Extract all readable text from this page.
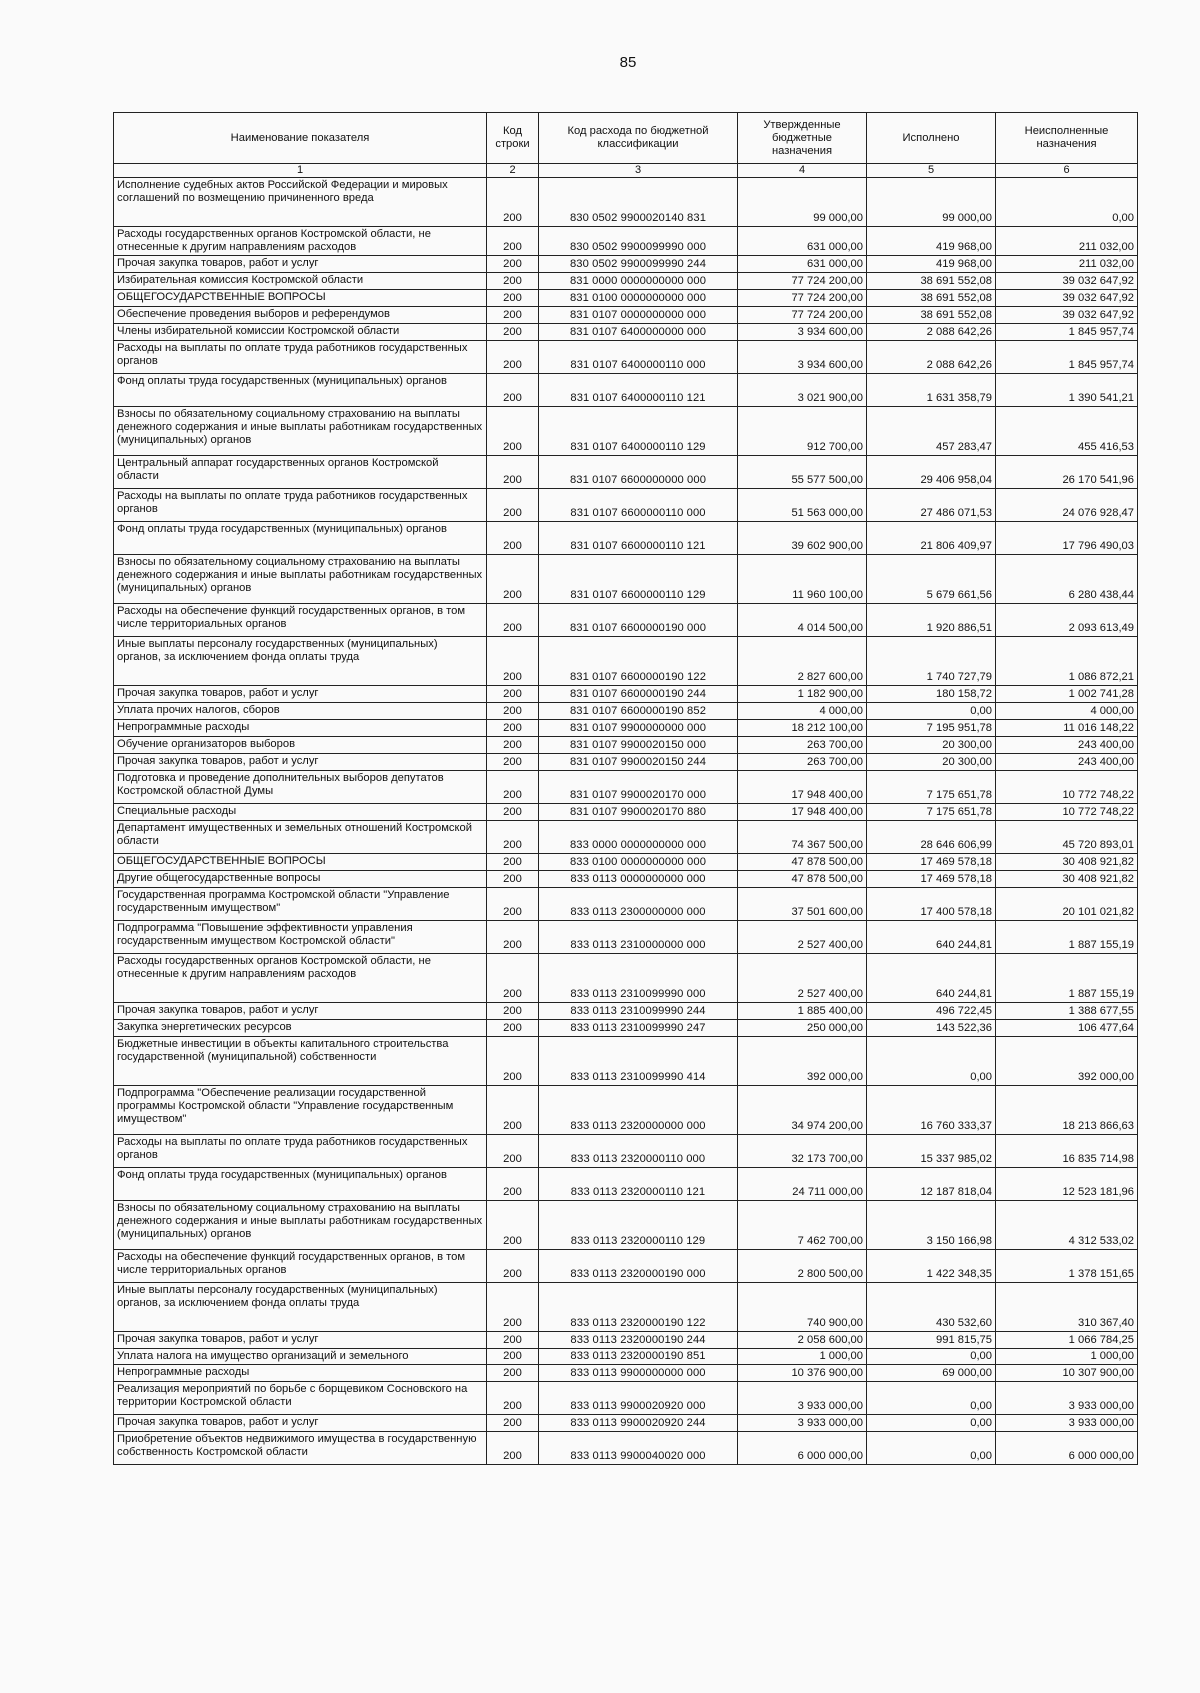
85
Наименование показателя	Код строки	Код расхода по бюджетной классификации	Утвержденные бюджетные назначения	Исполнено	Неисполненные назначения
1	2	3	4	5	6
Исполнение судебных актов Российской Федерации и мировых соглашений по возмещению причиненного вреда	200	830 0502 9900020140 831	99 000,00	99 000,00	0,00
Расходы государственных органов Костромской области, не отнесенные к другим направлениям расходов	200	830 0502 9900099990 000	631 000,00	419 968,00	211 032,00
Прочая закупка товаров, работ и услуг	200	830 0502 9900099990 244	631 000,00	419 968,00	211 032,00
Избирательная комиссия Костромской области	200	831 0000 0000000000 000	77 724 200,00	38 691 552,08	39 032 647,92
ОБЩЕГОСУДАРСТВЕННЫЕ ВОПРОСЫ	200	831 0100 0000000000 000	77 724 200,00	38 691 552,08	39 032 647,92
Обеспечение проведения выборов и референдумов	200	831 0107 0000000000 000	77 724 200,00	38 691 552,08	39 032 647,92
Члены избирательной комиссии Костромской области	200	831 0107 6400000000 000	3 934 600,00	2 088 642,26	1 845 957,74
Расходы на выплаты по оплате труда работников государственных органов	200	831 0107 6400000110 000	3 934 600,00	2 088 642,26	1 845 957,74
Фонд оплаты труда государственных (муниципальных) органов	200	831 0107 6400000110 121	3 021 900,00	1 631 358,79	1 390 541,21
Взносы по обязательному социальному страхованию на выплаты денежного содержания и иные выплаты работникам государственных (муниципальных) органов	200	831 0107 6400000110 129	912 700,00	457 283,47	455 416,53
Центральный аппарат государственных органов Костромской области	200	831 0107 6600000000 000	55 577 500,00	29 406 958,04	26 170 541,96
Расходы на выплаты по оплате труда работников государственных органов	200	831 0107 6600000110 000	51 563 000,00	27 486 071,53	24 076 928,47
Фонд оплаты труда государственных (муниципальных) органов	200	831 0107 6600000110 121	39 602 900,00	21 806 409,97	17 796 490,03
Взносы по обязательному социальному страхованию на выплаты денежного содержания и иные выплаты работникам государственных (муниципальных) органов	200	831 0107 6600000110 129	11 960 100,00	5 679 661,56	6 280 438,44
Расходы на обеспечение функций государственных органов, в том числе территориальных органов	200	831 0107 6600000190 000	4 014 500,00	1 920 886,51	2 093 613,49
Иные выплаты персоналу государственных (муниципальных) органов, за исключением фонда оплаты труда	200	831 0107 6600000190 122	2 827 600,00	1 740 727,79	1 086 872,21
Прочая закупка товаров, работ и услуг	200	831 0107 6600000190 244	1 182 900,00	180 158,72	1 002 741,28
Уплата прочих налогов, сборов	200	831 0107 6600000190 852	4 000,00	0,00	4 000,00
Непрограммные расходы	200	831 0107 9900000000 000	18 212 100,00	7 195 951,78	11 016 148,22
Обучение организаторов выборов	200	831 0107 9900020150 000	263 700,00	20 300,00	243 400,00
Прочая закупка товаров, работ и услуг	200	831 0107 9900020150 244	263 700,00	20 300,00	243 400,00
Подготовка и проведение дополнительных выборов депутатов Костромской областной Думы	200	831 0107 9900020170 000	17 948 400,00	7 175 651,78	10 772 748,22
Специальные расходы	200	831 0107 9900020170 880	17 948 400,00	7 175 651,78	10 772 748,22
Департамент имущественных и земельных отношений Костромской области	200	833 0000 0000000000 000	74 367 500,00	28 646 606,99	45 720 893,01
ОБЩЕГОСУДАРСТВЕННЫЕ ВОПРОСЫ	200	833 0100 0000000000 000	47 878 500,00	17 469 578,18	30 408 921,82
Другие общегосударственные вопросы	200	833 0113 0000000000 000	47 878 500,00	17 469 578,18	30 408 921,82
Государственная программа Костромской области "Управление государственным имуществом"	200	833 0113 2300000000 000	37 501 600,00	17 400 578,18	20 101 021,82
Подпрограмма "Повышение эффективности управления государственным имуществом Костромской области"	200	833 0113 2310000000 000	2 527 400,00	640 244,81	1 887 155,19
Расходы государственных органов Костромской области, не отнесенные к другим направлениям расходов	200	833 0113 2310099990 000	2 527 400,00	640 244,81	1 887 155,19
Прочая закупка товаров, работ и услуг	200	833 0113 2310099990 244	1 885 400,00	496 722,45	1 388 677,55
Закупка энергетических ресурсов	200	833 0113 2310099990 247	250 000,00	143 522,36	106 477,64
Бюджетные инвестиции в объекты капитального строительства государственной (муниципальной) собственности	200	833 0113 2310099990 414	392 000,00	0,00	392 000,00
Подпрограмма "Обеспечение реализации государственной программы Костромской области "Управление государственным имуществом"	200	833 0113 2320000000 000	34 974 200,00	16 760 333,37	18 213 866,63
Расходы на выплаты по оплате труда работников государственных органов	200	833 0113 2320000110 000	32 173 700,00	15 337 985,02	16 835 714,98
Фонд оплаты труда государственных (муниципальных) органов	200	833 0113 2320000110 121	24 711 000,00	12 187 818,04	12 523 181,96
Взносы по обязательному социальному страхованию на выплаты денежного содержания и иные выплаты работникам государственных (муниципальных) органов	200	833 0113 2320000110 129	7 462 700,00	3 150 166,98	4 312 533,02
Расходы на обеспечение функций государственных органов, в том числе территориальных органов	200	833 0113 2320000190 000	2 800 500,00	1 422 348,35	1 378 151,65
Иные выплаты персоналу государственных (муниципальных) органов, за исключением фонда оплаты труда	200	833 0113 2320000190 122	740 900,00	430 532,60	310 367,40
Прочая закупка товаров, работ и услуг	200	833 0113 2320000190 244	2 058 600,00	991 815,75	1 066 784,25
Уплата налога на имущество организаций и земельного	200	833 0113 2320000190 851	1 000,00	0,00	1 000,00
Непрограммные расходы	200	833 0113 9900000000 000	10 376 900,00	69 000,00	10 307 900,00
Реализация мероприятий по борьбе с борщевиком Сосновского на территории Костромской области	200	833 0113 9900020920 000	3 933 000,00	0,00	3 933 000,00
Прочая закупка товаров, работ и услуг	200	833 0113 9900020920 244	3 933 000,00	0,00	3 933 000,00
Приобретение объектов недвижимого имущества в государственную собственность Костромской области	200	833 0113 9900040020 000	6 000 000,00	0,00	6 000 000,00
